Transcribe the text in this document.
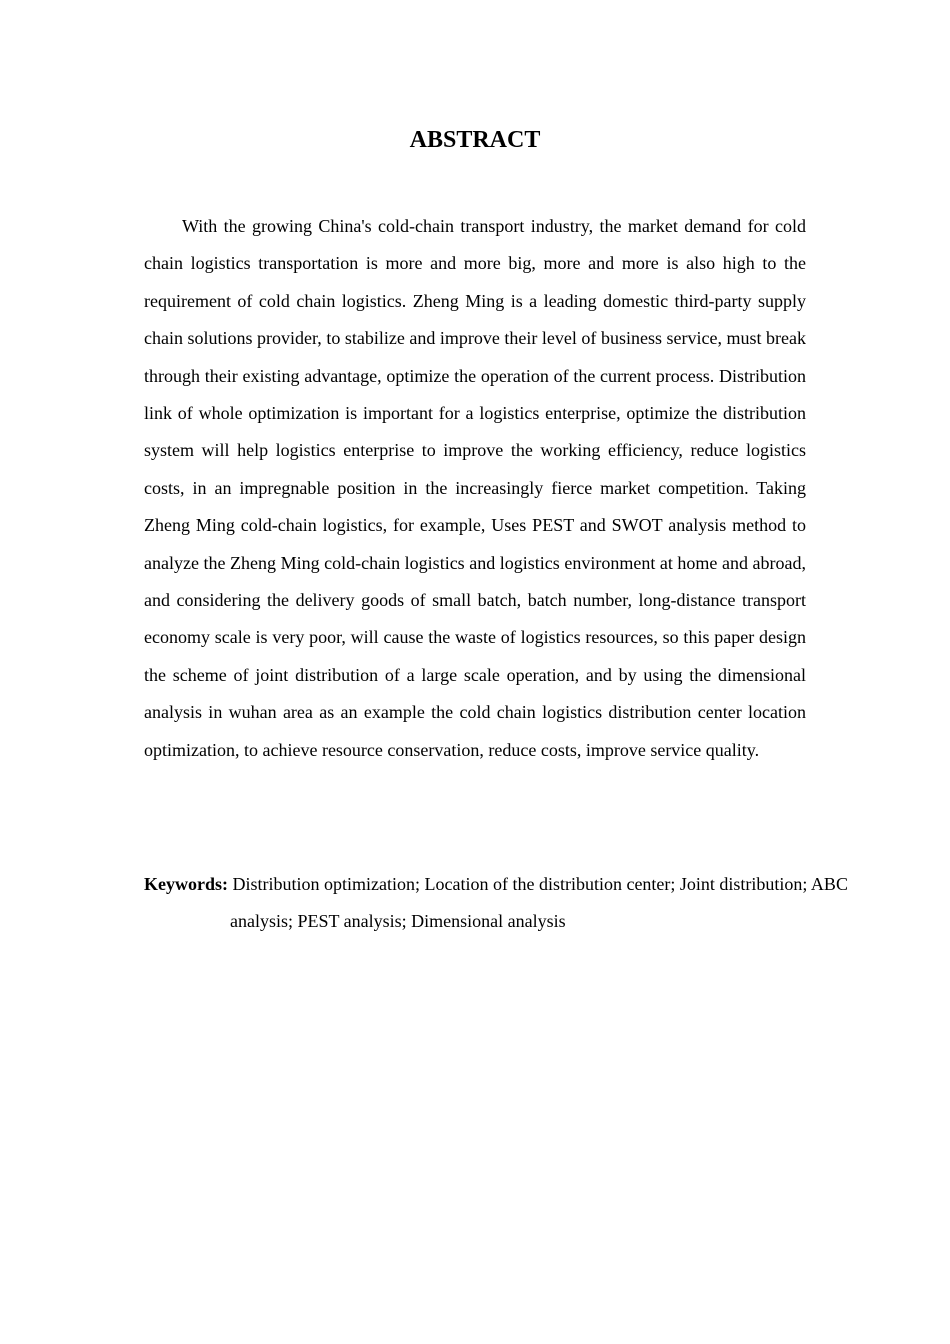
ABSTRACT

With the growing China's cold-chain transport industry, the market demand for cold chain logistics transportation is more and more big, more and more is also high to the requirement of cold chain logistics. Zheng Ming is a leading domestic third-party supply chain solutions provider, to stabilize and improve their level of business service, must break through their existing advantage, optimize the operation of the current process. Distribution link of whole optimization is important for a logistics enterprise, optimize the distribution system will help logistics enterprise to improve the working efficiency, reduce logistics costs, in an impregnable position in the increasingly fierce market competition. Taking Zheng Ming cold-chain logistics, for example, Uses PEST and SWOT analysis method to analyze the Zheng Ming cold-chain logistics and logistics environment at home and abroad, and considering the delivery goods of small batch, batch number, long-distance transport economy scale is very poor, will cause the waste of logistics resources, so this paper design the scheme of joint distribution of a large scale operation, and by using the dimensional analysis in wuhan area as an example the cold chain logistics distribution center location optimization, to achieve resource conservation, reduce costs, improve service quality.

Keywords: Distribution optimization; Location of the distribution center; Joint distribution; ABC analysis; PEST analysis; Dimensional analysis
